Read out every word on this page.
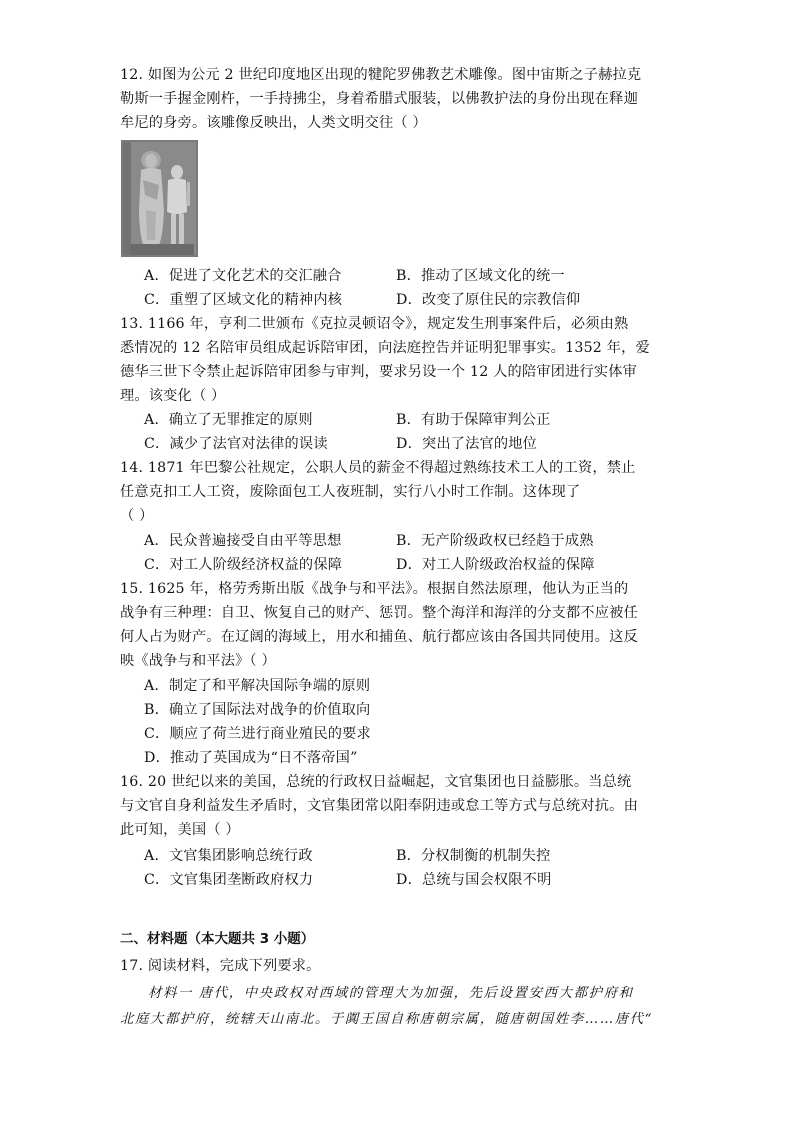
12. 如图为公元 2 世纪印度地区出现的犍陀罗佛教艺术雕像。图中宙斯之子赫拉克
勒斯一手握金刚杵，一手持拂尘，身着希腊式服装，以佛教护法的身份出现在释迦
牟尼的身旁。该雕像反映出，人类文明交往（ ）
A．促进了文化艺术的交汇融合	B．推动了区域文化的统一
C．重塑了区域文化的精神内核	D．改变了原住民的宗教信仰
13. 1166 年，亨利二世颁布《克拉灵顿诏令》，规定发生刑事案件后，必须由熟
悉情况的 12 名陪审员组成起诉陪审团，向法庭控告并证明犯罪事实。1352 年，爱
德华三世下令禁止起诉陪审团参与审判，要求另设一个 12 人的陪审团进行实体审
理。该变化（ ）
A．确立了无罪推定的原则	B．有助于保障审判公正
C．减少了法官对法律的误读	D．突出了法官的地位
14. 1871 年巴黎公社规定，公职人员的薪金不得超过熟练技术工人的工资，禁止
任意克扣工人工资，废除面包工人夜班制，实行八小时工作制。这体现了
（ ）
A．民众普遍接受自由平等思想	B．无产阶级政权已经趋于成熟
C．对工人阶级经济权益的保障	D．对工人阶级政治权益的保障
15. 1625 年，格劳秀斯出版《战争与和平法》。根据自然法原理，他认为正当的
战争有三种理：自卫、恢复自己的财产、惩罚。整个海洋和海洋的分支都不应被任
何人占为财产。在辽阔的海域上，用水和捕鱼、航行都应该由各国共同使用。这反
映《战争与和平法》（ ）
A．制定了和平解决国际争端的原则
B．确立了国际法对战争的价值取向
C．顺应了荷兰进行商业殖民的要求
D．推动了英国成为“日不落帝国”
16. 20 世纪以来的美国，总统的行政权日益崛起，文官集团也日益膨胀。当总统
与文官自身利益发生矛盾时，文官集团常以阳奉阴违或怠工等方式与总统对抗。由
此可知，美国（ ）
A．文官集团影响总统行政	B．分权制衡的机制失控
C．文官集团垄断政府权力	D．总统与国会权限不明
二、材料题（本大题共 3 小题）
17. 阅读材料，完成下列要求。
材料一 唐代，中央政权对西域的管理大为加强，先后设置安西大都护府和
北庭大都护府，统辖天山南北。于阗王国自称唐朝宗属，随唐朝国姓李……唐代“
